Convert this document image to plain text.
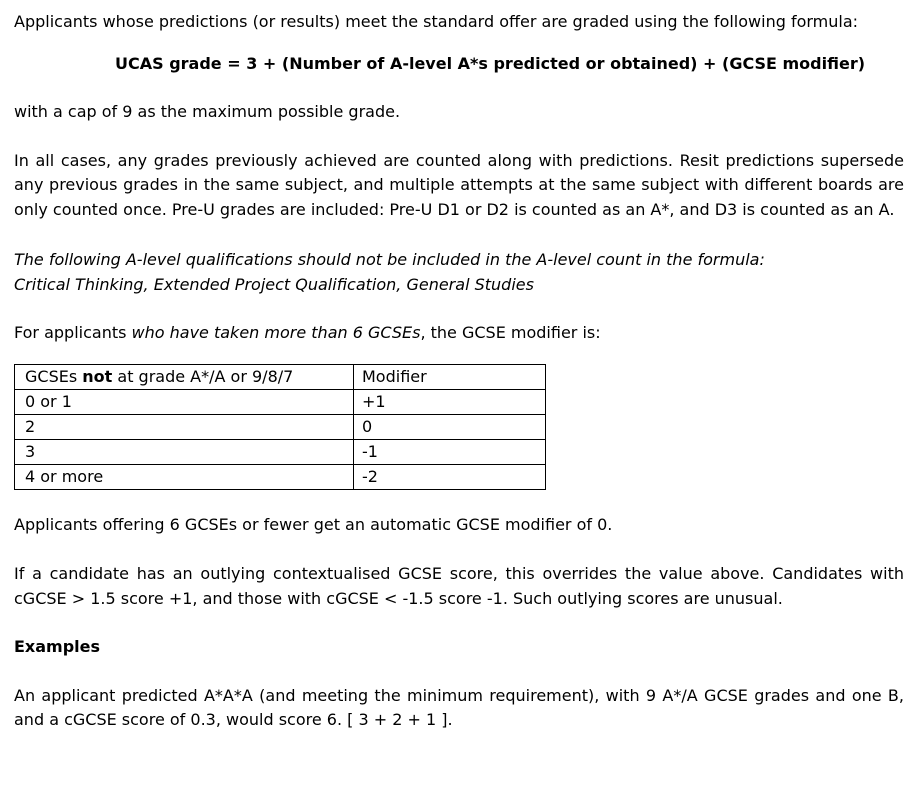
Applicants whose predictions (or results) meet the standard offer are graded using the following formula:

UCAS grade = 3 + (Number of A-level A*s predicted or obtained) + (GCSE modifier)

with a cap of 9 as the maximum possible grade.

In all cases, any grades previously achieved are counted along with predictions. Resit predictions supersede any previous grades in the same subject, and multiple attempts at the same subject with different boards are only counted once. Pre-U grades are included: Pre-U D1 or D2 is counted as an A*, and D3 is counted as an A.

The following A-level qualifications should not be included in the A-level count in the formula:

Critical Thinking, Extended Project Qualification, General Studies

For applicants who have taken more than 6 GCSEs, the GCSE modifier is:

GCSEs not at grade A*/A or 9/8/7	Modifier
0 or 1	+1
2	0
3	-1
4 or more	-2

Applicants offering 6 GCSEs or fewer get an automatic GCSE modifier of 0.

If a candidate has an outlying contextualised GCSE score, this overrides the value above. Candidates with cGCSE > 1.5 score +1, and those with cGCSE < -1.5 score -1. Such outlying scores are unusual.

Examples

An applicant predicted A*A*A (and meeting the minimum requirement), with 9 A*/A GCSE grades and one B, and a cGCSE score of 0.3, would score 6. [ 3 + 2 + 1 ].
